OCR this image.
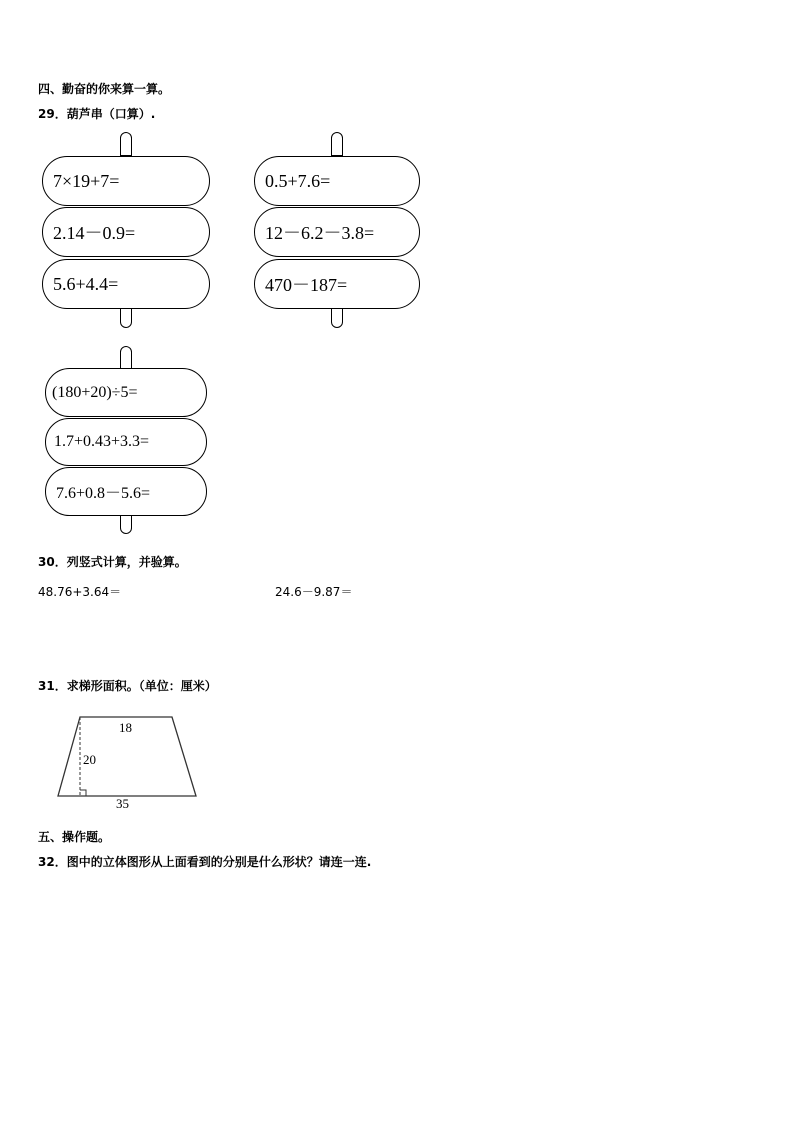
四、勤奋的你来算一算。
29．葫芦串（口算）.
7×19+7=
2.14－0.9=
5.6+4.4=
0.5+7.6=
12－6.2－3.8=
470－187=
(180+20)÷5=
1.7+0.43+3.3=
7.6+0.8－5.6=
30．列竖式计算，并验算。
48.76+3.64＝	24.6－9.87＝
31．求梯形面积。（单位：厘米）
18
20
35
五、操作题。
32．图中的立体图形从上面看到的分别是什么形状？请连一连.
